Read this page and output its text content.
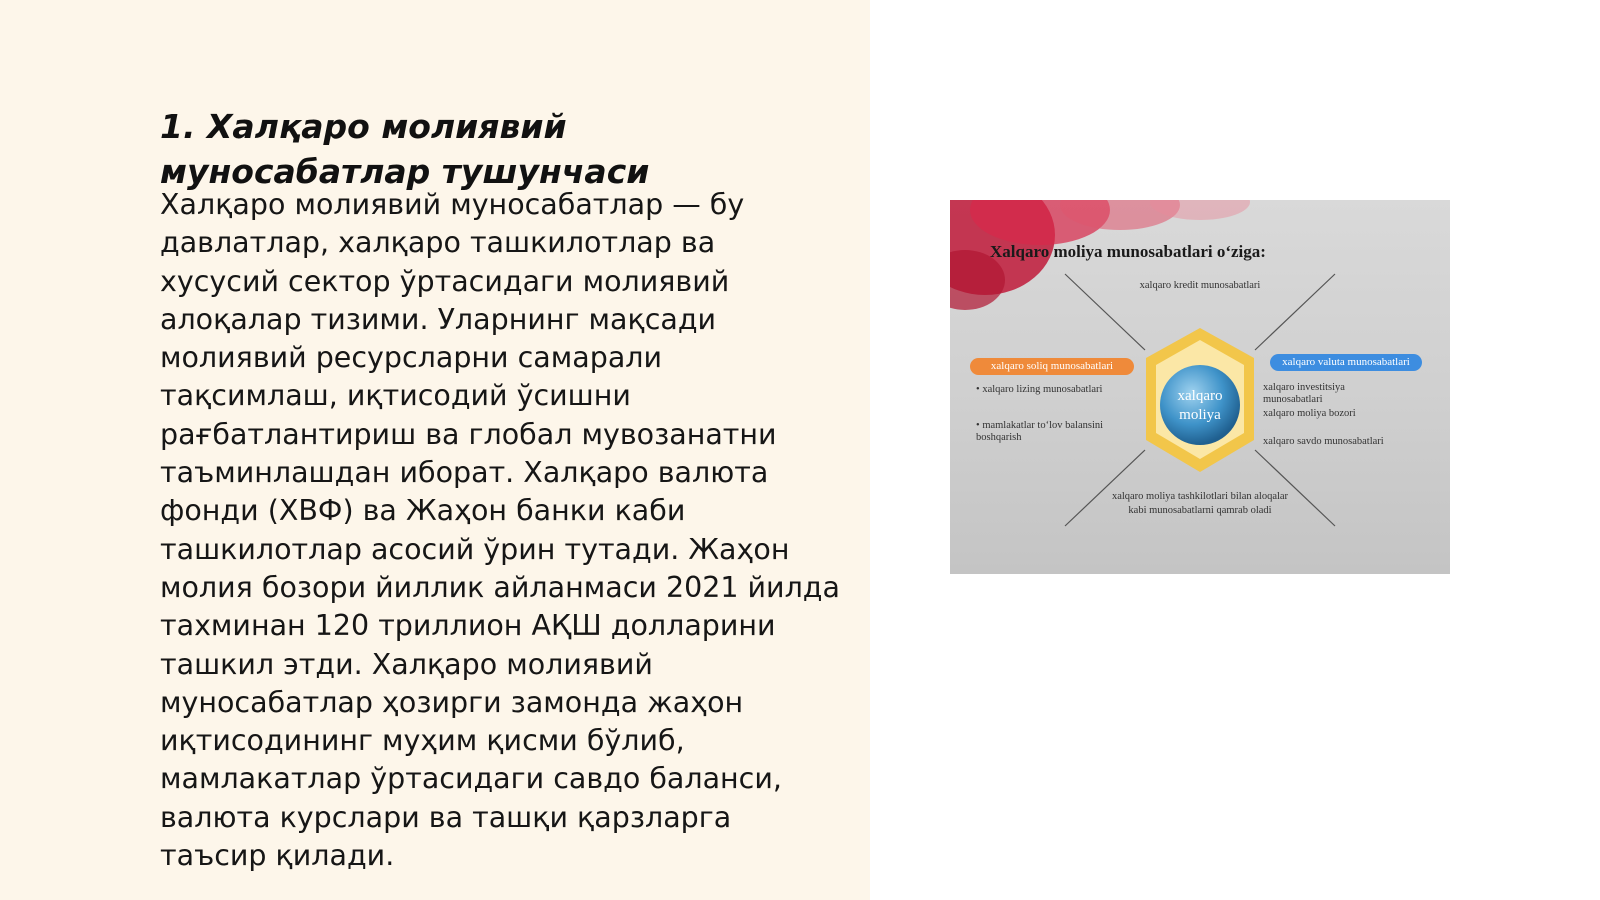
1. Халқаро молиявий муносабатлар тушунчаси

Халқаро молиявий муносабатлар — бу давлатлар, халқаро ташкилотлар ва хусусий сектор ўртасидаги молиявий алоқалар тизими. Уларнинг мақсади молиявий ресурсларни самарали тақсимлаш, иқтисодий ўсишни рағбатлантириш ва глобал мувозанатни таъминлашдан иборат. Халқаро валюта фонди (ХВФ) ва Жаҳон банки каби ташкилотлар асосий ўрин тутади. Жаҳон молия бозори йиллик айланмаси 2021 йилда тахминан 120 триллион АҚШ долларини ташкил этди. Халқаро молиявий муносабатлар ҳозирги замонда жаҳон иқтисодининг муҳим қисми бўлиб, мамлакатлар ўртасидаги савдо баланси, валюта курслари ва ташқи қарзларга таъсир қилади.

Xalqaro moliya munosabatlari o‘ziga:
xalqaro kredit munosabatlari
xalqaro
moliya
xalqaro soliq munosabatlari	xalqaro valuta munosabatlari
• xalqaro lizing munosabatlari
• mamlakatlar to‘lov balansini boshqarish
xalqaro investitsiya munosabatlari
xalqaro moliya bozori
xalqaro savdo munosabatlari
xalqaro moliya tashkilotlari bilan aloqalar kabi munosabatlarni qamrab oladi
